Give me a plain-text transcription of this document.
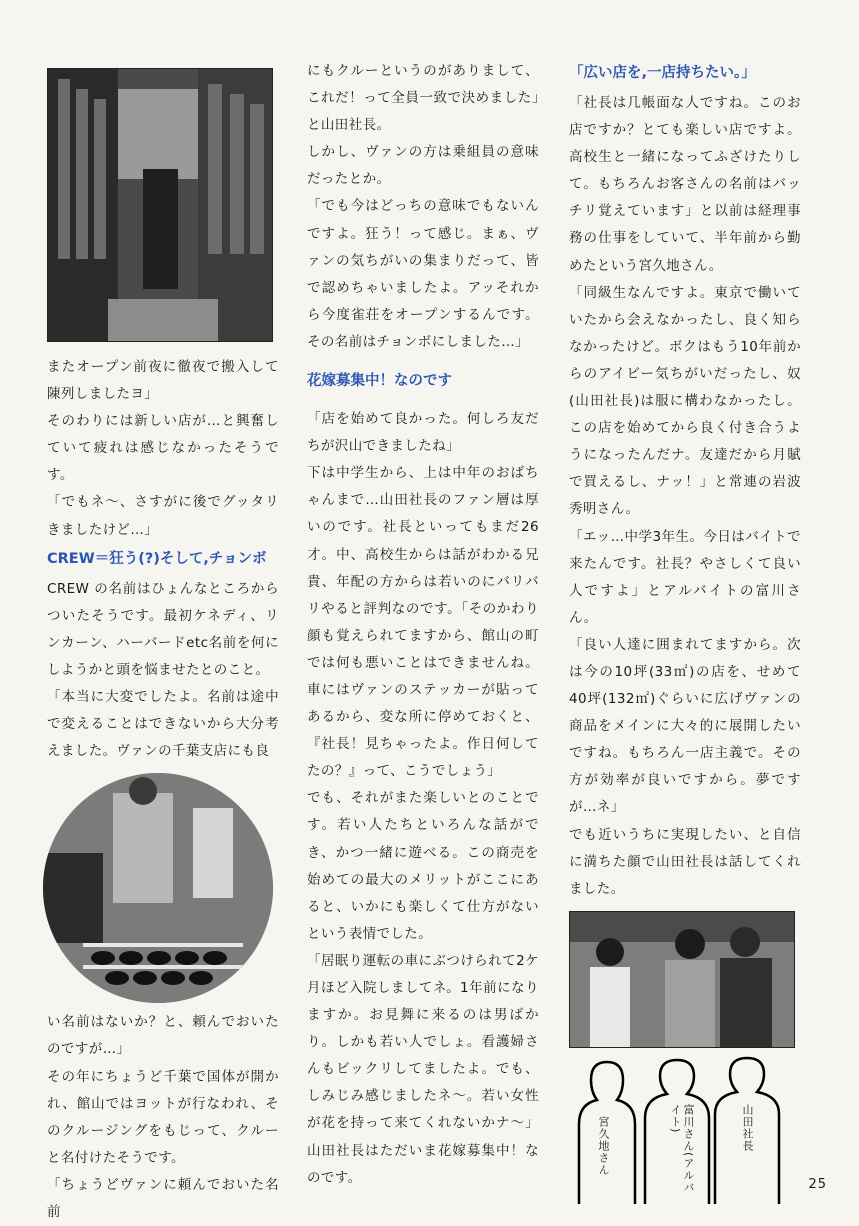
またオープン前夜に徹夜で搬入して陳列しましたヨ」

そのわりには新しい店が…と興奮していて疲れは感じなかったそうです。

「でもネ～、さすがに後でグッタリきましたけど…」

CREW＝狂う(?)そして,チョンボ

CREW の名前はひょんなところからついたそうです。最初ケネディ、リンカーン、ハーバードetc名前を何にしようかと頭を悩ませたとのこと。

「本当に大変でしたよ。名前は途中で変えることはできないから大分考えました。ヴァンの千葉支店にも良

い名前はないか？と、頼んでおいたのですが…」

その年にちょうど千葉で国体が開かれ、館山ではヨットが行なわれ、そのクルージングをもじって、クルーと名付けたそうです。

「ちょうどヴァンに頼んでおいた名前

にもクルーというのがありまして、これだ！って全員一致で決めました」と山田社長。

しかし、ヴァンの方は乗組員の意味だったとか。

「でも今はどっちの意味でもないんですよ。狂う！って感じ。まぁ、ヴァンの気ちがいの集まりだって、皆で認めちゃいましたよ。アッそれから今度雀荘をオープンするんです。その名前はチョンボにしました…」

花嫁募集中！なのです

「店を始めて良かった。何しろ友だちが沢山できましたね」

下は中学生から、上は中年のおばちゃんまで…山田社長のファン層は厚いのです。社長といってもまだ26才。中、高校生からは話がわかる兄貴、年配の方からは若いのにバリバリやると評判なのです。「そのかわり顔も覚えられてますから、館山の町では何も悪いことはできませんね。車にはヴァンのステッカーが貼ってあるから、変な所に停めておくと、『社長！見ちゃったよ。作日何してたの？』って、こうでしょう」

でも、それがまた楽しいとのことです。若い人たちといろんな話ができ、かつ一緒に遊べる。この商売を始めての最大のメリットがここにあると、いかにも楽しくて仕方がないという表情でした。

「居眠り運転の車にぶつけられて2ケ月ほど入院しましてネ。1年前になりますか。お見舞に来るのは男ばかり。しかも若い人でしょ。看護婦さんもビックリしてましたよ。でも、しみじみ感じましたネ～。若い女性が花を持って来てくれないかナ～」山田社長はただいま花嫁募集中！なのです。

「広い店を,一店持ちたい。」

「社長は几帳面な人ですね。このお店ですか？とても楽しい店ですよ。高校生と一緒になってふざけたりして。もちろんお客さんの名前はバッチリ覚えています」と以前は経理事務の仕事をしていて、半年前から勤めたという宮久地さん。

「同級生なんですよ。東京で働いていたから会えなかったし、良く知らなかったけど。ボクはもう10年前からのアイビー気ちがいだったし、奴(山田社長)は服に構わなかったし。この店を始めてから良く付き合うようになったんだナ。友達だから月賦で買えるし、ナッ！」と常連の岩波秀明さん。

「エッ…中学3年生。今日はバイトで来たんです。社長？やさしくて良い人ですよ」とアルバイトの富川さん。

「良い人達に囲まれてますから。次は今の10坪(33㎡)の店を、せめて40坪(132㎡)ぐらいに広げヴァンの商品をメインに大々的に展開したいですね。もちろん一店主義で。その方が効率が良いですから。夢ですが…ネ」

でも近いうちに実現したい、と自信に満ちた顔で山田社長は話してくれました。

宮久地さん	富川さん(アルバイト)	山田社長
25
